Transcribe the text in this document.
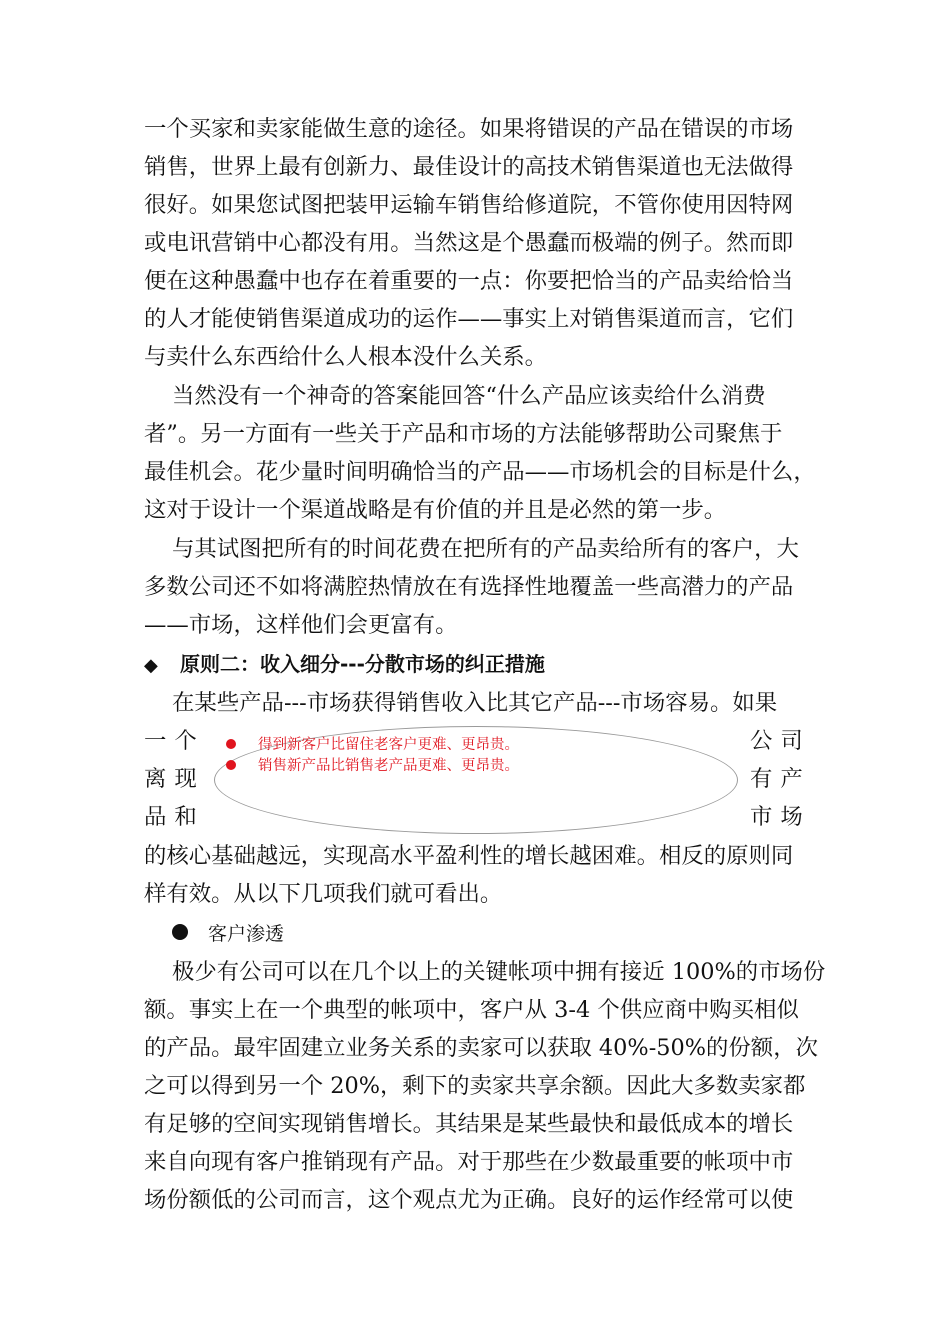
一个买家和卖家能做生意的途径。如果将错误的产品在错误的市场
销售，世界上最有创新力、最佳设计的高技术销售渠道也无法做得
很好。如果您试图把装甲运输车销售给修道院，不管你使用因特网
或电讯营销中心都没有用。当然这是个愚蠢而极端的例子。然而即
便在这种愚蠢中也存在着重要的一点：你要把恰当的产品卖给恰当
的人才能使销售渠道成功的运作——事实上对销售渠道而言，它们
与卖什么东西给什么人根本没什么关系。
当然没有一个神奇的答案能回答“什么产品应该卖给什么消费
者”。另一方面有一些关于产品和市场的方法能够帮助公司聚焦于
最佳机会。花少量时间明确恰当的产品——市场机会的目标是什么，
这对于设计一个渠道战略是有价值的并且是必然的第一步。
与其试图把所有的时间花费在把所有的产品卖给所有的客户，大
多数公司还不如将满腔热情放在有选择性地覆盖一些高潜力的产品
——市场，这样他们会更富有。
◆ 原则二：收入细分---分散市场的纠正措施
在某些产品---市场获得销售收入比其它产品---市场容易。如果
一个
离现
品和
公司
有产
市场
得到新客户比留住老客户更难、更昂贵。
销售新产品比销售老产品更难、更昂贵。
的核心基础越远，实现高水平盈利性的增长越困难。相反的原则同
样有效。从以下几项我们就可看出。
客户渗透
极少有公司可以在几个以上的关键帐项中拥有接近 100%的市场份
额。事实上在一个典型的帐项中，客户从 3-4 个供应商中购买相似
的产品。最牢固建立业务关系的卖家可以获取 40%-50%的份额，次
之可以得到另一个 20%，剩下的卖家共享余额。因此大多数卖家都
有足够的空间实现销售增长。其结果是某些最快和最低成本的增长
来自向现有客户推销现有产品。对于那些在少数最重要的帐项中市
场份额低的公司而言，这个观点尤为正确。良好的运作经常可以使
